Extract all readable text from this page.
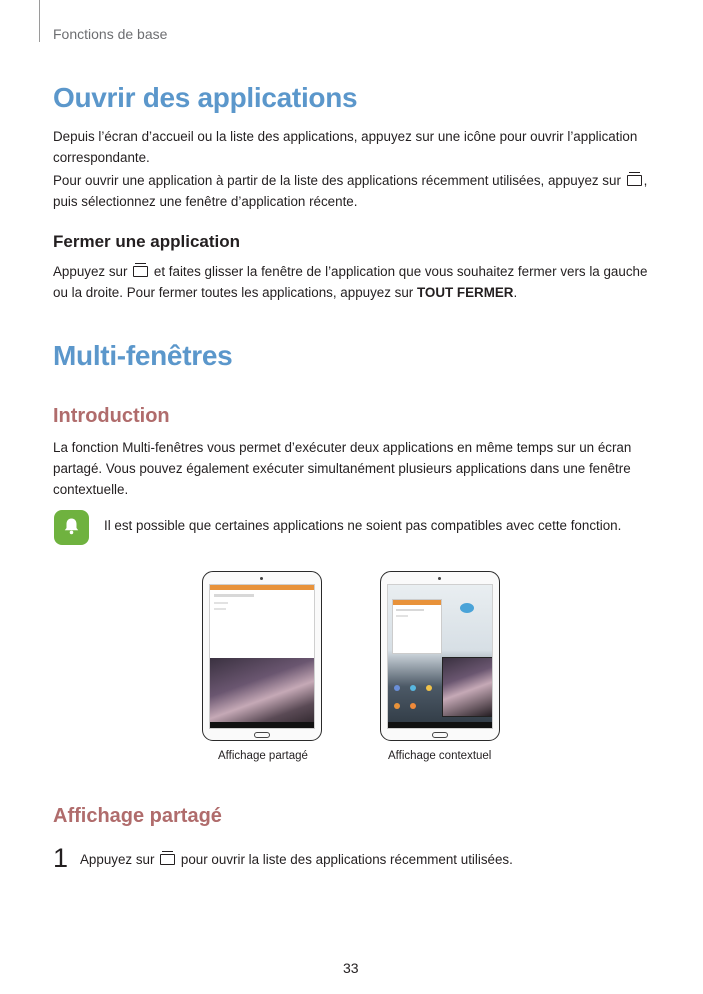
Fonctions de base
Ouvrir des applications
Depuis l’écran d’accueil ou la liste des applications, appuyez sur une icône pour ouvrir l’application correspondante.
Pour ouvrir une application à partir de la liste des applications récemment utilisées, appuyez sur ,
puis sélectionnez une fenêtre d’application récente.
Fermer une application
Appuyez sur et faites glisser la fenêtre de l’application que vous souhaitez fermer vers la gauche ou la droite. Pour fermer toutes les applications, appuyez sur TOUT FERMER.
Multi-fenêtres
Introduction
La fonction Multi-fenêtres vous permet d’exécuter deux applications en même temps sur un écran partagé. Vous pouvez également exécuter simultanément plusieurs applications dans une fenêtre contextuelle.
Il est possible que certaines applications ne soient pas compatibles avec cette fonction.
Affichage partagé	Affichage contextuel
Affichage partagé
1 Appuyez sur pour ouvrir la liste des applications récemment utilisées.
33
